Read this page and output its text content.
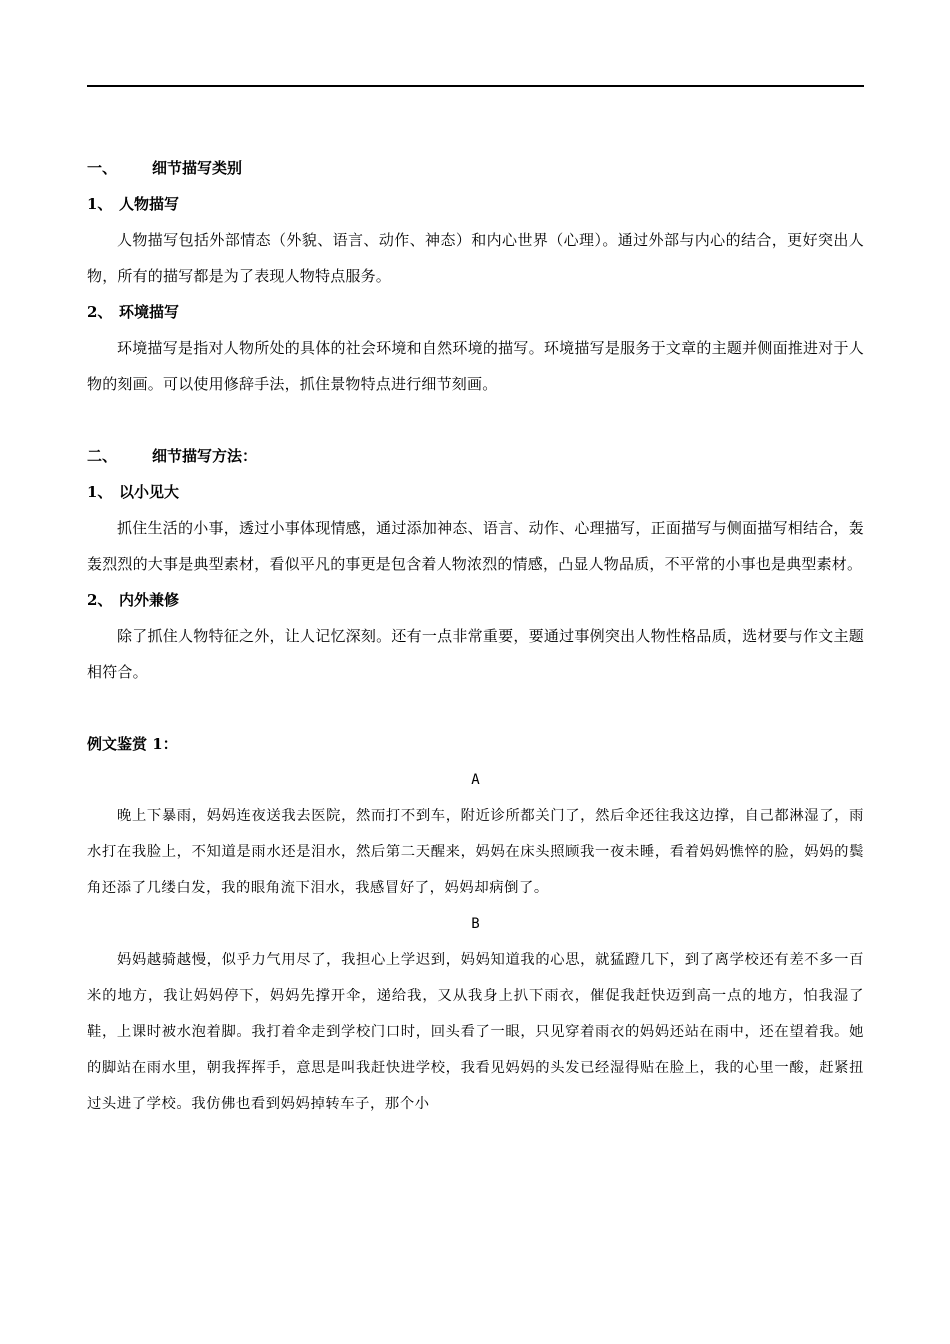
一、	细节描写类别
1、 人物描写
人物描写包括外部情态（外貌、语言、动作、神态）和内心世界（心理）。通过外部与内心的结合，更好突出人物，所有的描写都是为了表现人物特点服务。
2、 环境描写
环境描写是指对人物所处的具体的社会环境和自然环境的描写。环境描写是服务于文章的主题并侧面推进对于人物的刻画。可以使用修辞手法，抓住景物特点进行细节刻画。
二、	细节描写方法：
1、 以小见大
抓住生活的小事，透过小事体现情感，通过添加神态、语言、动作、心理描写，正面描写与侧面描写相结合，轰轰烈烈的大事是典型素材，看似平凡的事更是包含着人物浓烈的情感，凸显人物品质，不平常的小事也是典型素材。
2、 内外兼修
除了抓住人物特征之外，让人记忆深刻。还有一点非常重要，要通过事例突出人物性格品质，选材要与作文主题相符合。
例文鉴赏 1：
A
晚上下暴雨，妈妈连夜送我去医院，然而打不到车，附近诊所都关门了，然后伞还往我这边撑，自己都淋湿了，雨水打在我脸上，不知道是雨水还是泪水，然后第二天醒来，妈妈在床头照顾我一夜未睡，看着妈妈憔悴的脸，妈妈的鬓角还添了几缕白发，我的眼角流下泪水，我感冒好了，妈妈却病倒了。
B
妈妈越骑越慢，似乎力气用尽了，我担心上学迟到，妈妈知道我的心思，就猛蹬几下，到了离学校还有差不多一百米的地方，我让妈妈停下，妈妈先撑开伞，递给我，又从我身上扒下雨衣，催促我赶快迈到高一点的地方，怕我湿了鞋，上课时被水泡着脚。我打着伞走到学校门口时，回头看了一眼，只见穿着雨衣的妈妈还站在雨中，还在望着我。她的脚站在雨水里，朝我挥挥手，意思是叫我赶快进学校，我看见妈妈的头发已经湿得贴在脸上，我的心里一酸，赶紧扭过头进了学校。我仿佛也看到妈妈掉转车子，那个小
